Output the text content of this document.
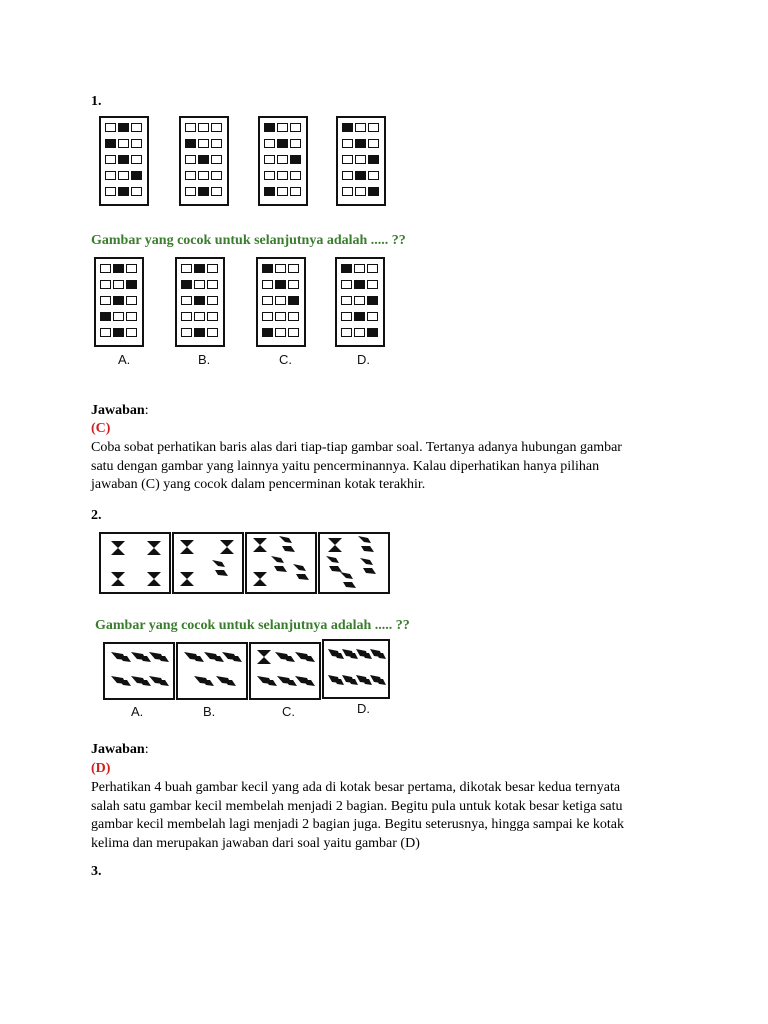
1.
Gambar yang cocok untuk selanjutnya adalah ..... ??
A.	B.	C.	D.
Jawaban:
(C)
Coba sobat perhatikan baris alas dari tiap-tiap gambar soal. Tertanya adanya hubungan gambar
satu dengan gambar yang lainnya yaitu pencerminannya. Kalau diperhatikan hanya pilihan
jawaban (C) yang cocok dalam pencerminan kotak terakhir.
2.
Gambar yang cocok untuk selanjutnya adalah ..... ??
A.	B.	C.	D.
Jawaban:
(D)
Perhatikan 4 buah gambar kecil yang ada di kotak besar pertama, dikotak besar kedua ternyata
salah satu gambar kecil membelah menjadi 2 bagian. Begitu pula untuk kotak besar ketiga satu
gambar kecil membelah lagi menjadi 2 bagian juga. Begitu seterusnya, hingga sampai ke kotak
kelima dan merupakan jawaban dari soal yaitu gambar (D)
3.
